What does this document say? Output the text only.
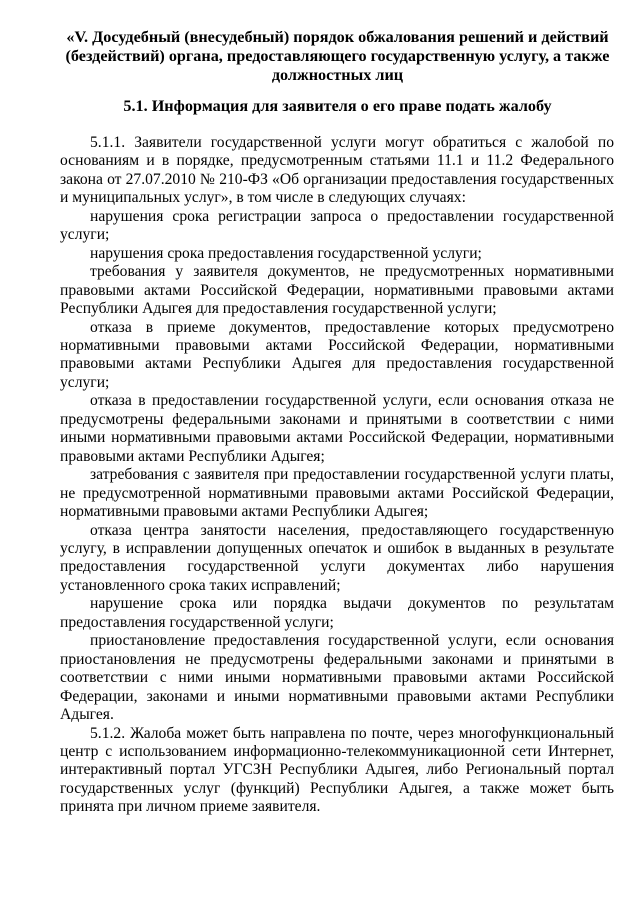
«V. Досудебный (внесудебный) порядок обжалования решений и действий (бездействий) органа, предоставляющего государственную услугу, а также должностных лиц
5.1. Информация для заявителя о его праве подать жалобу

5.1.1. Заявители государственной услуги могут обратиться с жалобой по основаниям и в порядке, предусмотренным статьями 11.1 и 11.2 Федерального закона от 27.07.2010 № 210-ФЗ «Об организации предоставления государственных и муниципальных услуг», в том числе в следующих случаях:

нарушения срока регистрации запроса о предоставлении государственной услуги;

нарушения срока предоставления государственной услуги;

требования у заявителя документов, не предусмотренных нормативными правовыми актами Российской Федерации, нормативными правовыми актами Республики Адыгея для предоставления государственной услуги;

отказа в приеме документов, предоставление которых предусмотрено нормативными правовыми актами Российской Федерации, нормативными правовыми актами Республики Адыгея для предоставления государственной услуги;

отказа в предоставлении государственной услуги, если основания отказа не предусмотрены федеральными законами и принятыми в соответствии с ними иными нормативными правовыми актами Российской Федерации, нормативными правовыми актами Республики Адыгея;

затребования с заявителя при предоставлении государственной услуги платы, не предусмотренной нормативными правовыми актами Российской Федерации, нормативными правовыми актами Республики Адыгея;

отказа центра занятости населения, предоставляющего государственную услугу, в исправлении допущенных опечаток и ошибок в выданных в результате предоставления государственной услуги документах либо нарушения установленного срока таких исправлений;

нарушение срока или порядка выдачи документов по результатам предоставления государственной услуги;

приостановление предоставления государственной услуги, если основания приостановления не предусмотрены федеральными законами и принятыми в соответствии с ними иными нормативными правовыми актами Российской Федерации, законами и иными нормативными правовыми актами Республики Адыгея.

5.1.2. Жалоба может быть направлена по почте, через многофункциональный центр с использованием информационно-телекоммуникационной сети Интернет, интерактивный портал УГСЗН Республики Адыгея, либо Региональный портал государственных услуг (функций) Республики Адыгея, а также может быть принята при личном приеме заявителя.
